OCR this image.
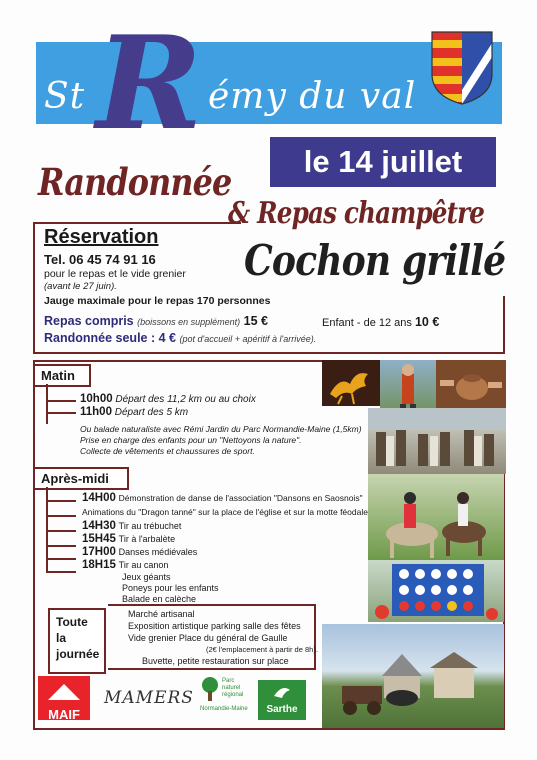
St R émy du val
le 14 juillet
Randonnée
& Repas champêtre
Cochon grillé
Réservation
Tel. 06 45 74 91 16
pour le repas et le vide grenier
(avant le 27 juin).
Jauge maximale pour le repas 170 personnes
Repas compris (boissons en supplément) 15 €	Enfant - de 12 ans 10 €
Randonnée seule : 4 € (pot d'accueil + apéritif à l'arrivée).
Matin
10h00 Départ des 11,2 km ou au choix
11h00 Départ des 5 km
Ou balade naturaliste avec Rémi Jardin du Parc Normandie-Maine (1,5km)
Prise en charge des enfants pour un "Nettoyons la nature".
Collecte de vêtements et chaussures de sport.
Après-midi
14H00 Démonstration de danse de l'association "Dansons en Saosnois"
Animations du "Dragon tanné" sur la place de l'église et sur la motte féodale
14H30 Tir au trébuchet
15H45 Tir à l'arbalète
17H00 Danses médiévales
18H15 Tir au canon
Jeux géants
Poneys pour les enfants
Balade en calèche
Toute
la
journée
Marché artisanal
Exposition artistique parking salle des fêtes
Vide grenier Place du général de Gaulle
(2€ l'emplacement à partir de 8h).
Buvette, petite restauration sur place
MAIF
MAMERS
Parc
naturel
régional
Normandie-Maine	Sarthe
